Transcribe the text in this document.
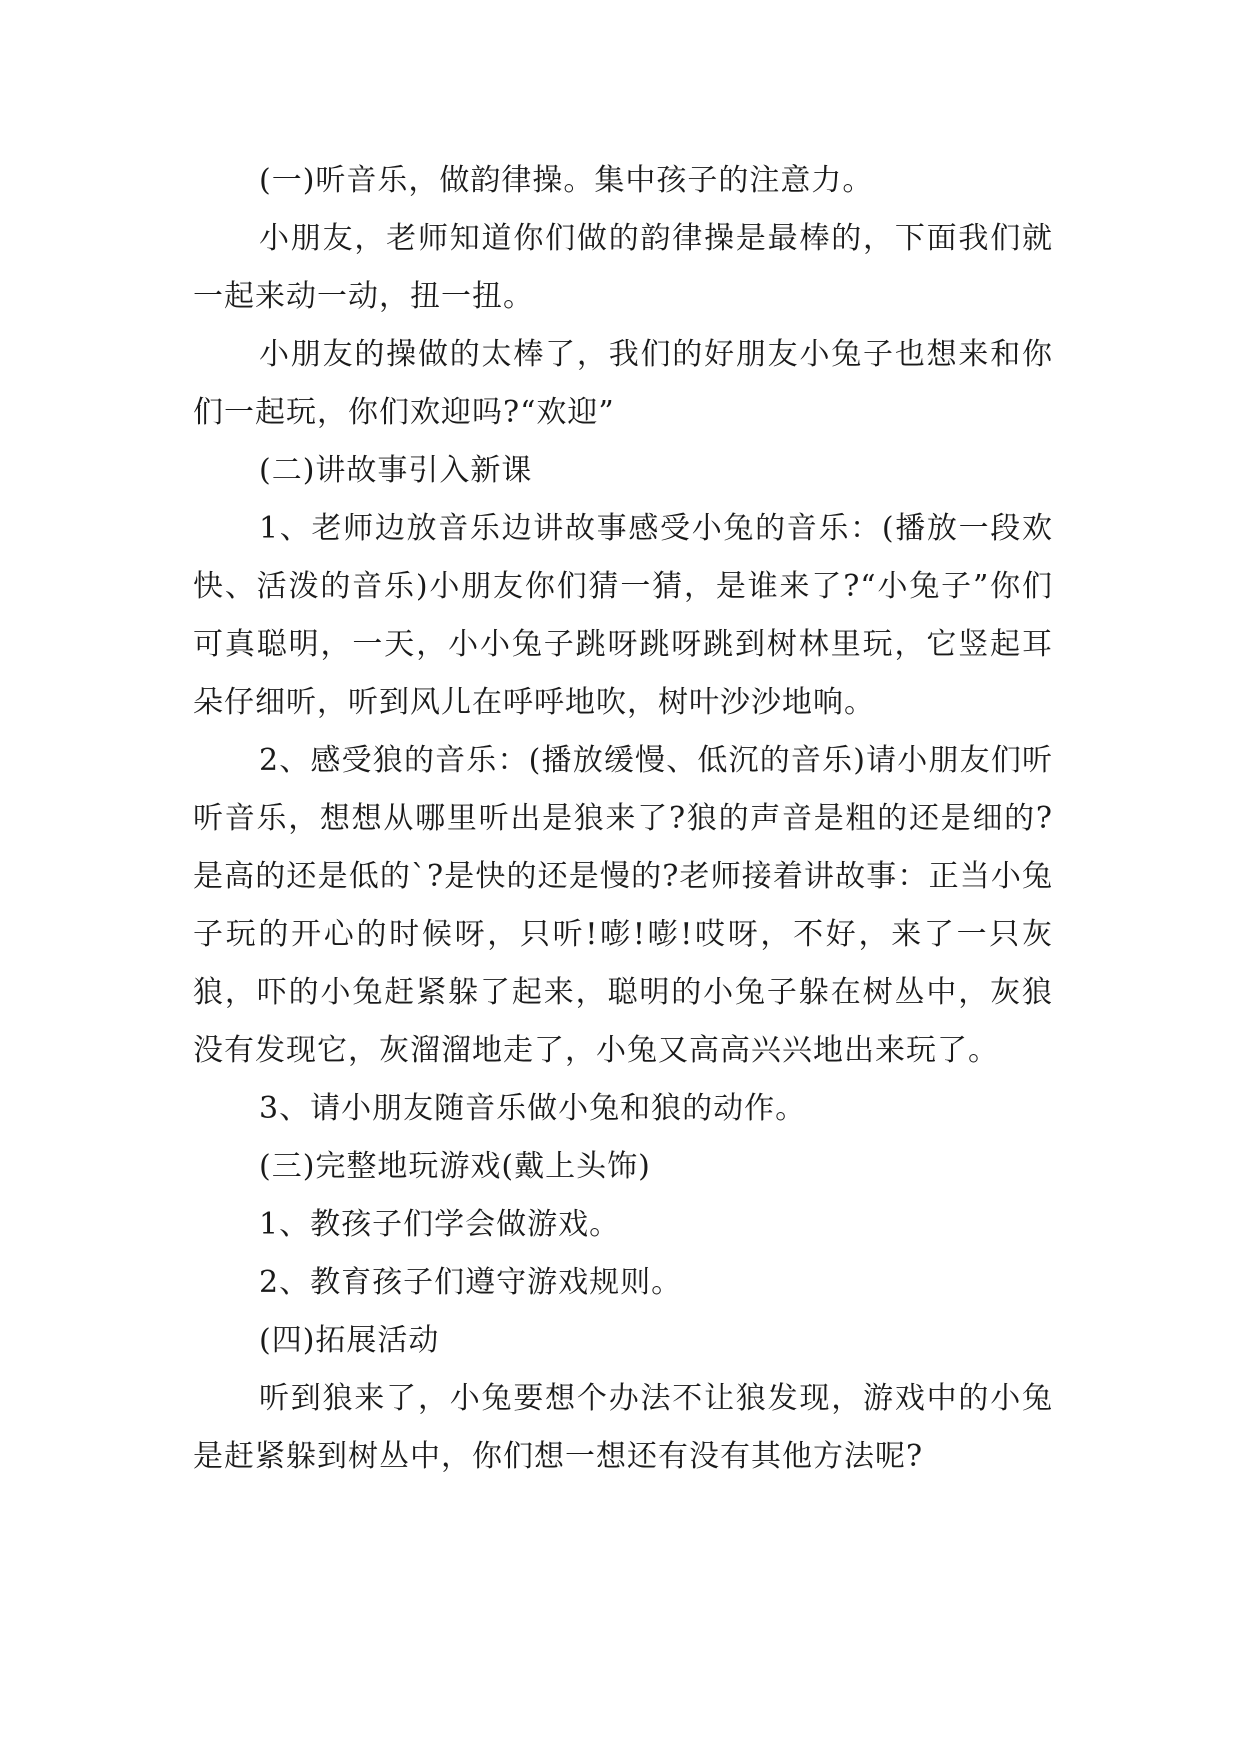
(一)听音乐，做韵律操。集中孩子的注意力。

小朋友，老师知道你们做的韵律操是最棒的，下面我们就一起来动一动，扭一扭。

小朋友的操做的太棒了，我们的好朋友小兔子也想来和你们一起玩，你们欢迎吗?“欢迎”

(二)讲故事引入新课

1、老师边放音乐边讲故事感受小兔的音乐：(播放一段欢快、活泼的音乐)小朋友你们猜一猜，是谁来了?“小兔子”你们可真聪明，一天，小小兔子跳呀跳呀跳到树林里玩，它竖起耳朵仔细听，听到风儿在呼呼地吹，树叶沙沙地响。

2、感受狼的音乐：(播放缓慢、低沉的音乐)请小朋友们听听音乐，想想从哪里听出是狼来了?狼的声音是粗的还是细的?是高的还是低的`?是快的还是慢的?老师接着讲故事：正当小兔子玩的开心的时候呀，只听!嘭!嘭!哎呀，不好，来了一只灰狼，吓的小兔赶紧躲了起来，聪明的小兔子躲在树丛中，灰狼没有发现它，灰溜溜地走了，小兔又高高兴兴地出来玩了。

3、请小朋友随音乐做小兔和狼的动作。

(三)完整地玩游戏(戴上头饰)

1、教孩子们学会做游戏。

2、教育孩子们遵守游戏规则。

(四)拓展活动

听到狼来了，小兔要想个办法不让狼发现，游戏中的小兔是赶紧躲到树丛中，你们想一想还有没有其他方法呢?
